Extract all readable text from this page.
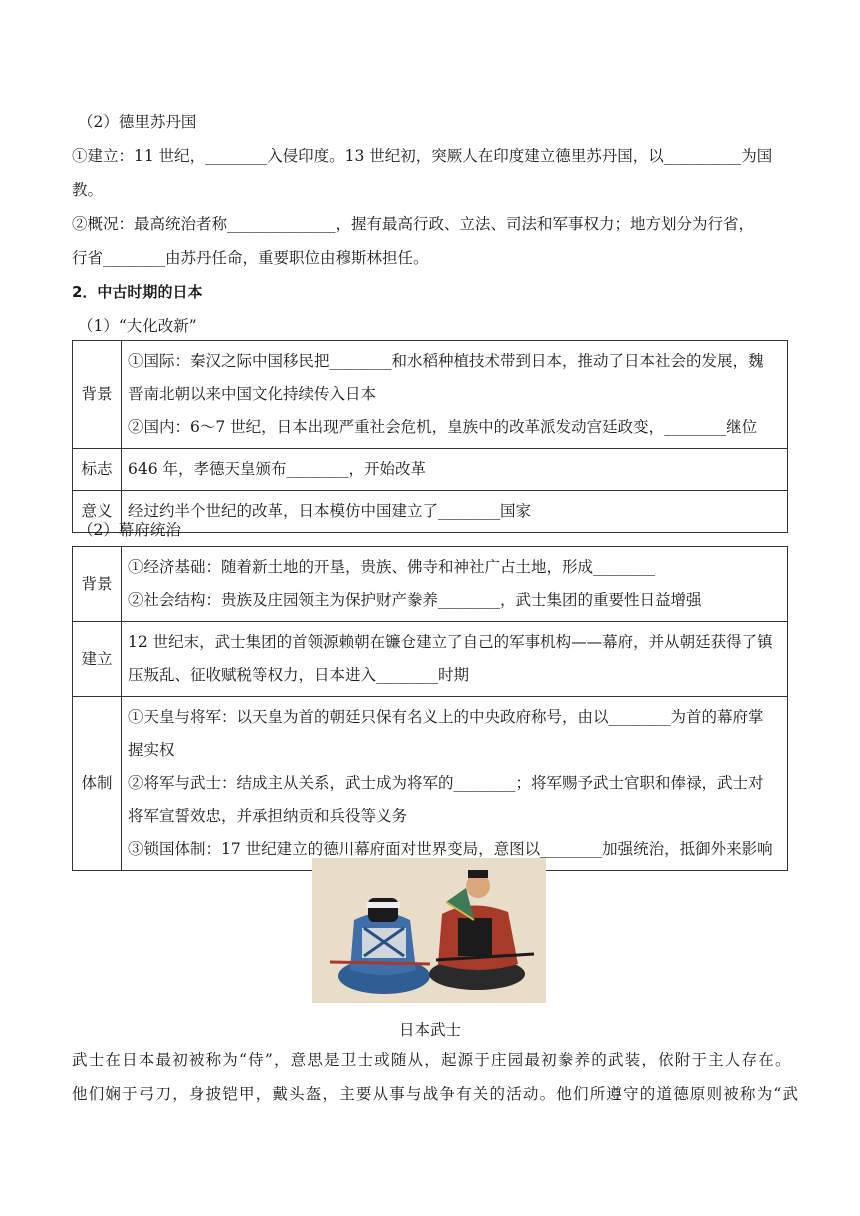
（2）德里苏丹国
①建立：11 世纪，________入侵印度。13 世纪初，突厥人在印度建立德里苏丹国，以__________为国
教。
②概况：最高统治者称______________，握有最高行政、立法、司法和军事权力；地方划分为行省，
行省________由苏丹任命，重要职位由穆斯林担任。
2．中古时期的日本
（1）“大化改新”
背景	①国际：秦汉之际中国移民把________和水稻种植技术带到日本，推动了日本社会的发展，魏
晋南北朝以来中国文化持续传入日本
②国内：6～7 世纪，日本出现严重社会危机，皇族中的改革派发动宫廷政变，________继位

标志	646 年，孝德天皇颁布________，开始改革

意义	经过约半个世纪的改革，日本模仿中国建立了________国家
（2）幕府统治
背景	①经济基础：随着新土地的开垦，贵族、佛寺和神社广占土地，形成________
②社会结构：贵族及庄园领主为保护财产豢养________，武士集团的重要性日益增强

建立	12 世纪末，武士集团的首领源赖朝在镰仓建立了自己的军事机构——幕府，并从朝廷获得了镇
压叛乱、征收赋税等权力，日本进入________时期

体制	①天皇与将军：以天皇为首的朝廷只保有名义上的中央政府称号，由以________为首的幕府掌
握实权
②将军与武士：结成主从关系，武士成为将军的________；将军赐予武士官职和俸禄，武士对
将军宣誓效忠，并承担纳贡和兵役等义务
③锁国体制：17 世纪建立的德川幕府面对世界变局，意图以________加强统治，抵御外来影响
日本武士
武士在日本最初被称为“侍”，意思是卫士或随从，起源于庄园最初豢养的武装，依附于主人存在。
他们娴于弓刀，身披铠甲，戴头盔，主要从事与战争有关的活动。他们所遵守的道德原则被称为“武
